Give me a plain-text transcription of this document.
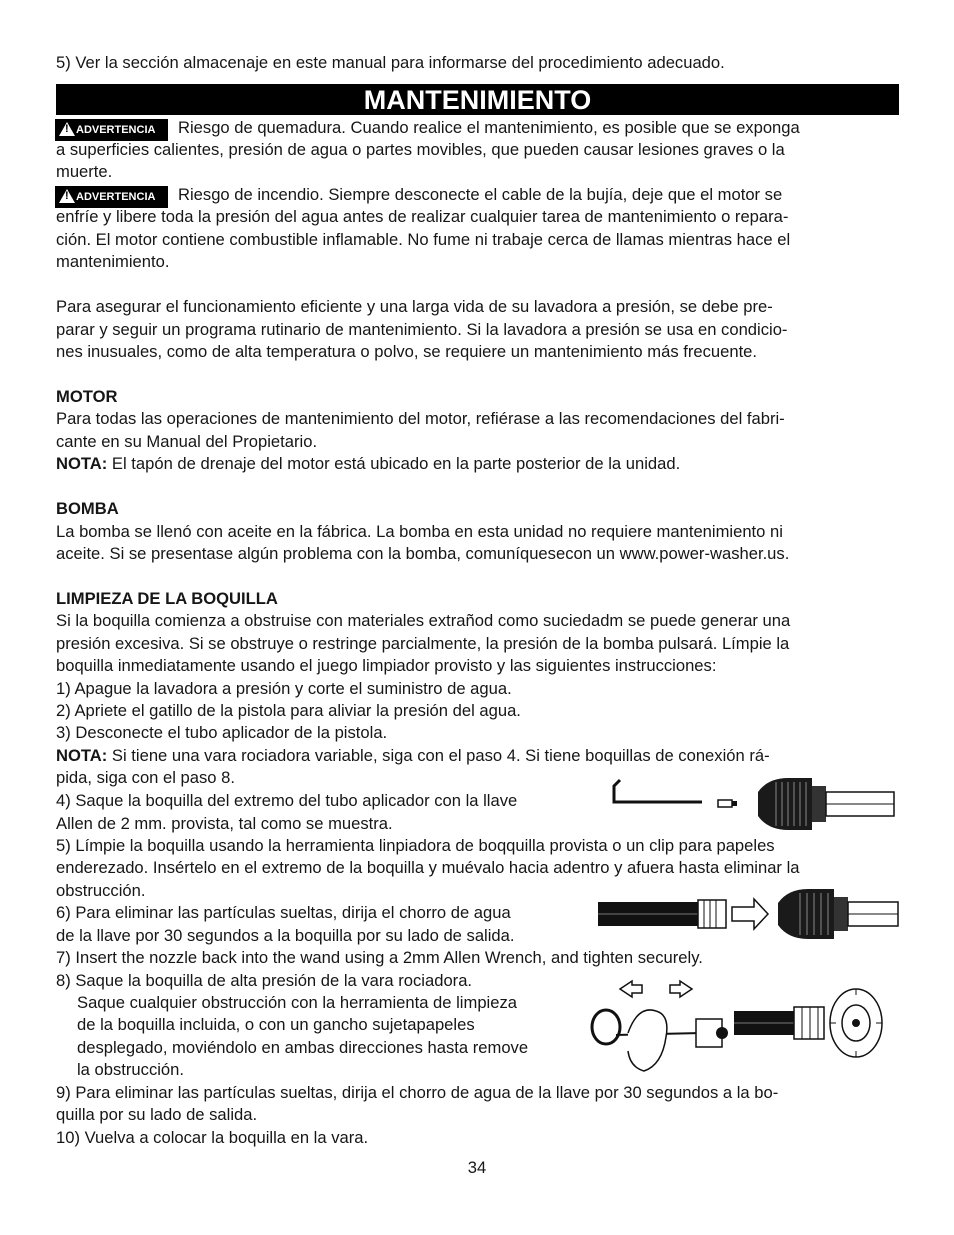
5) Ver la sección almacenaje en este manual para informarse del procedimiento adecuado.
MANTENIMIENTO
!ADVERTENCIA	Riesgo de quemadura. Cuando realice el mantenimiento, es posible que se exponga
a superficies calientes, presión de agua o partes movibles, que pueden causar lesiones graves o la
muerte.
!ADVERTENCIA	Riesgo de incendio. Siempre desconecte el cable de la bujía, deje que el motor se
enfríe y libere toda la presión del agua antes de realizar cualquier tarea de mantenimiento o repara-
ción. El motor contiene combustible inflamable. No fume ni trabaje cerca de llamas mientras hace el
mantenimiento.
Para asegurar el funcionamiento eficiente y una larga vida de su lavadora a presión, se debe pre-
parar y seguir un programa rutinario de mantenimiento. Si la lavadora a presión se usa en condicio-
nes inusuales, como de alta temperatura o polvo, se requiere un mantenimiento más frecuente.
MOTOR
Para todas las operaciones de mantenimiento del motor, refiérase a las recomendaciones del fabri-
cante en su Manual del Propietario.
NOTA: El tapón de drenaje del motor está ubicado en la parte posterior de la unidad.
BOMBA
La bomba se llenó con aceite en la fábrica. La bomba en esta unidad no requiere mantenimiento ni
aceite. Si se presentase algún problema con la bomba, comuníquesecon un www.power-washer.us.
LIMPIEZA DE LA BOQUILLA
Si la boquilla comienza a obstruise con materiales extrañod como suciedadm se puede generar una
presión excesiva. Si se obstruye o restringe parcialmente, la presión de la bomba pulsará. Límpie la
boquilla inmediatamente usando el juego limpiador provisto y las siguientes instrucciones:
1) Apague la lavadora a presión y corte el suministro de agua.
2) Apriete el gatillo de la pistola para aliviar la presión del agua.
3) Desconecte el tubo aplicador de la pistola.
NOTA: Si tiene una vara rociadora variable, siga con el paso 4. Si tiene boquillas de conexión rá-
pida, siga con el paso 8.
4) Saque la boquilla del extremo del tubo aplicador con la llave
Allen de 2 mm. provista, tal como se muestra.
5) Límpie la boquilla usando la herramienta linpiadora de boqquilla provista o un clip para papeles
enderezado. Insértelo en el extremo de la boquilla y muévalo hacia adentro y afuera hasta eliminar la
obstrucción.
6) Para eliminar las partículas sueltas, dirija el chorro de agua
de la llave por 30 segundos a la boquilla por su lado de salida.
7) Insert the nozzle back into the wand using a 2mm Allen Wrench, and tighten securely.
8) Saque la boquilla de alta presión de la vara rociadora.
Saque cualquier obstrucción con la herramienta de limpieza
de la boquilla incluida, o con un gancho sujetapapeles
desplegado, moviéndolo en ambas direcciones hasta remove
la obstrucción.
9) Para eliminar las partículas sueltas, dirija el chorro de agua de la llave por 30 segundos a la bo-
quilla por su lado de salida.
10) Vuelva a colocar la boquilla en la vara.
34
